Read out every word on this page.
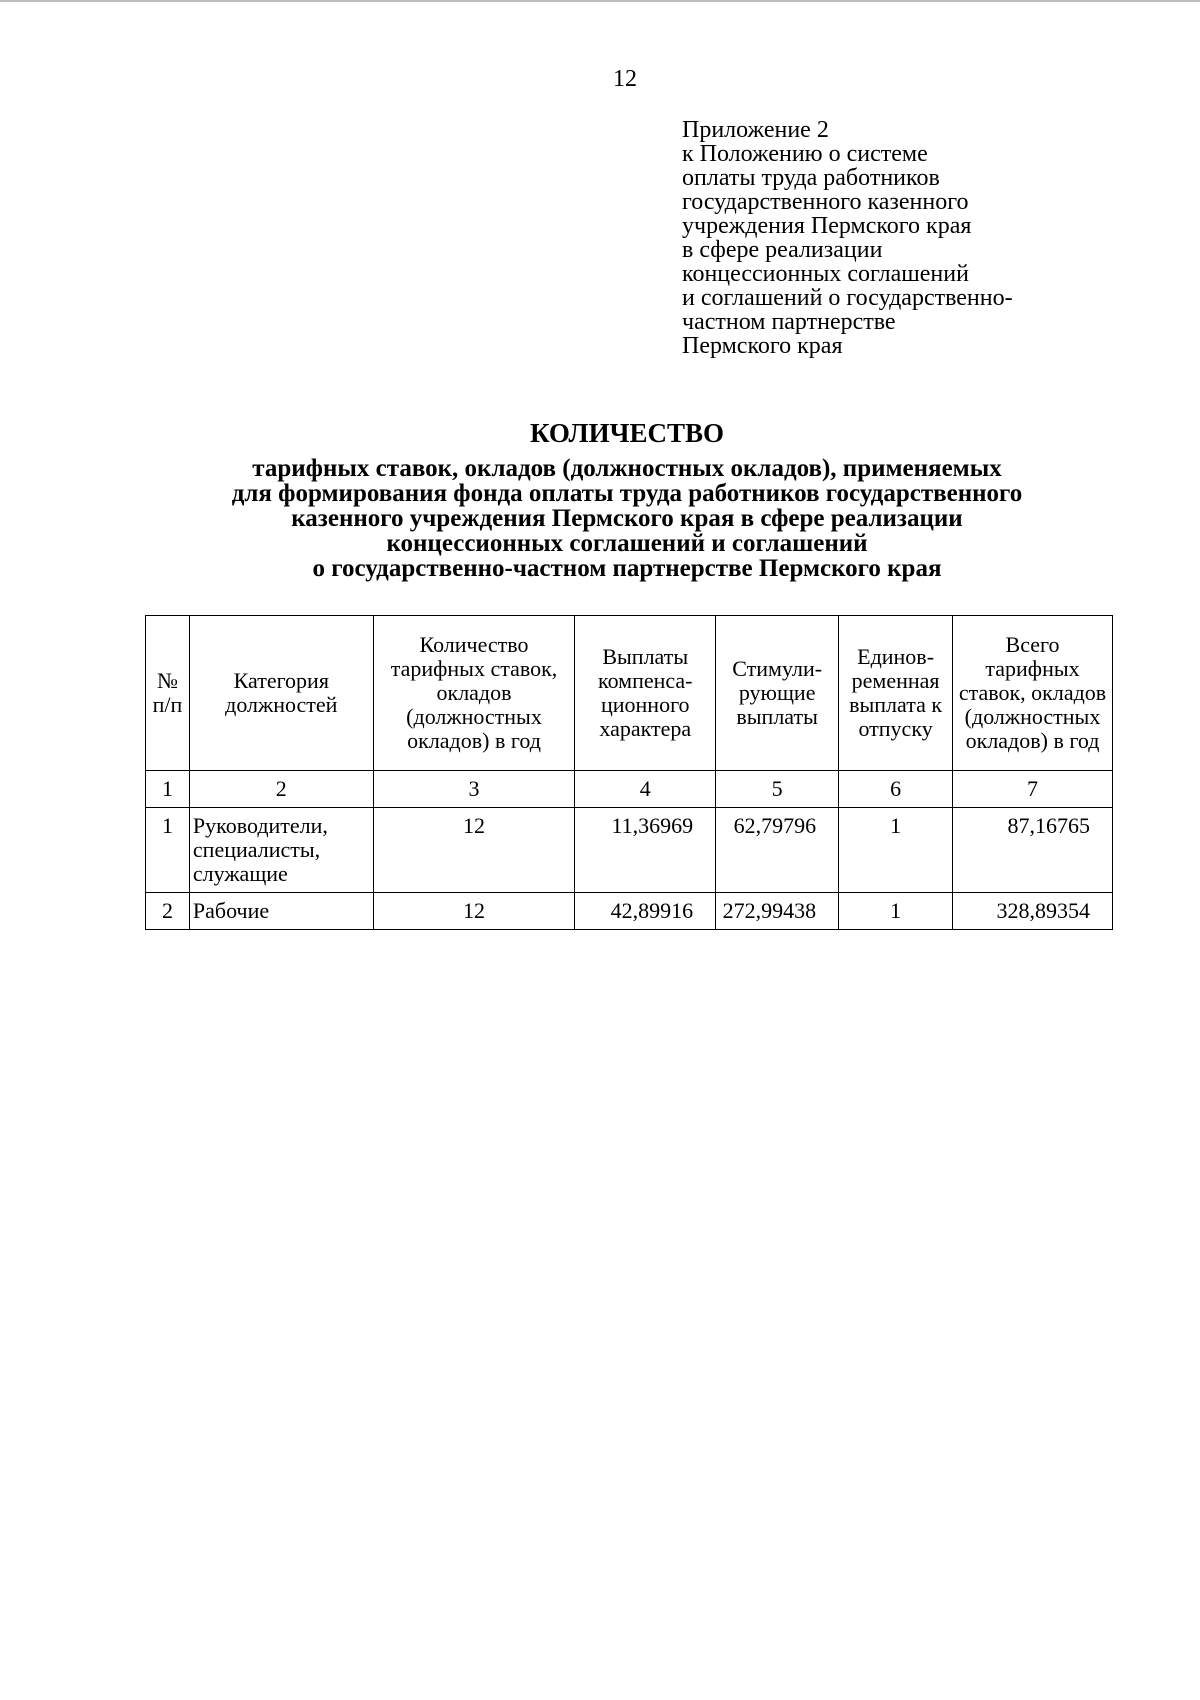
12
Приложение 2
к Положению о системе
оплаты труда работников
государственного казенного
учреждения Пермского края
в сфере реализации
концессионных соглашений
и соглашений о государственно-
частном партнерстве
Пермского края
КОЛИЧЕСТВО
тарифных ставок, окладов (должностных окладов), применяемых
для формирования фонда оплаты труда работников государственного
казенного учреждения Пермского края в сфере реализации
концессионных соглашений и соглашений
о государственно-частном партнерстве Пермского края
№ п/п	Категория должностей	Количество тарифных ставок, окладов (должностных окладов) в год	Выплаты компенса-ционного характера	Стимули-рующие выплаты	Единов-ременная выплата к отпуску	Всего тарифных ставок, окладов (должностных окладов) в год
1	2	3	4	5	6	7
1	Руководители, специалисты, служащие	12	11,36969	62,79796	1	87,16765
2	Рабочие	12	42,89916	272,99438	1	328,89354
